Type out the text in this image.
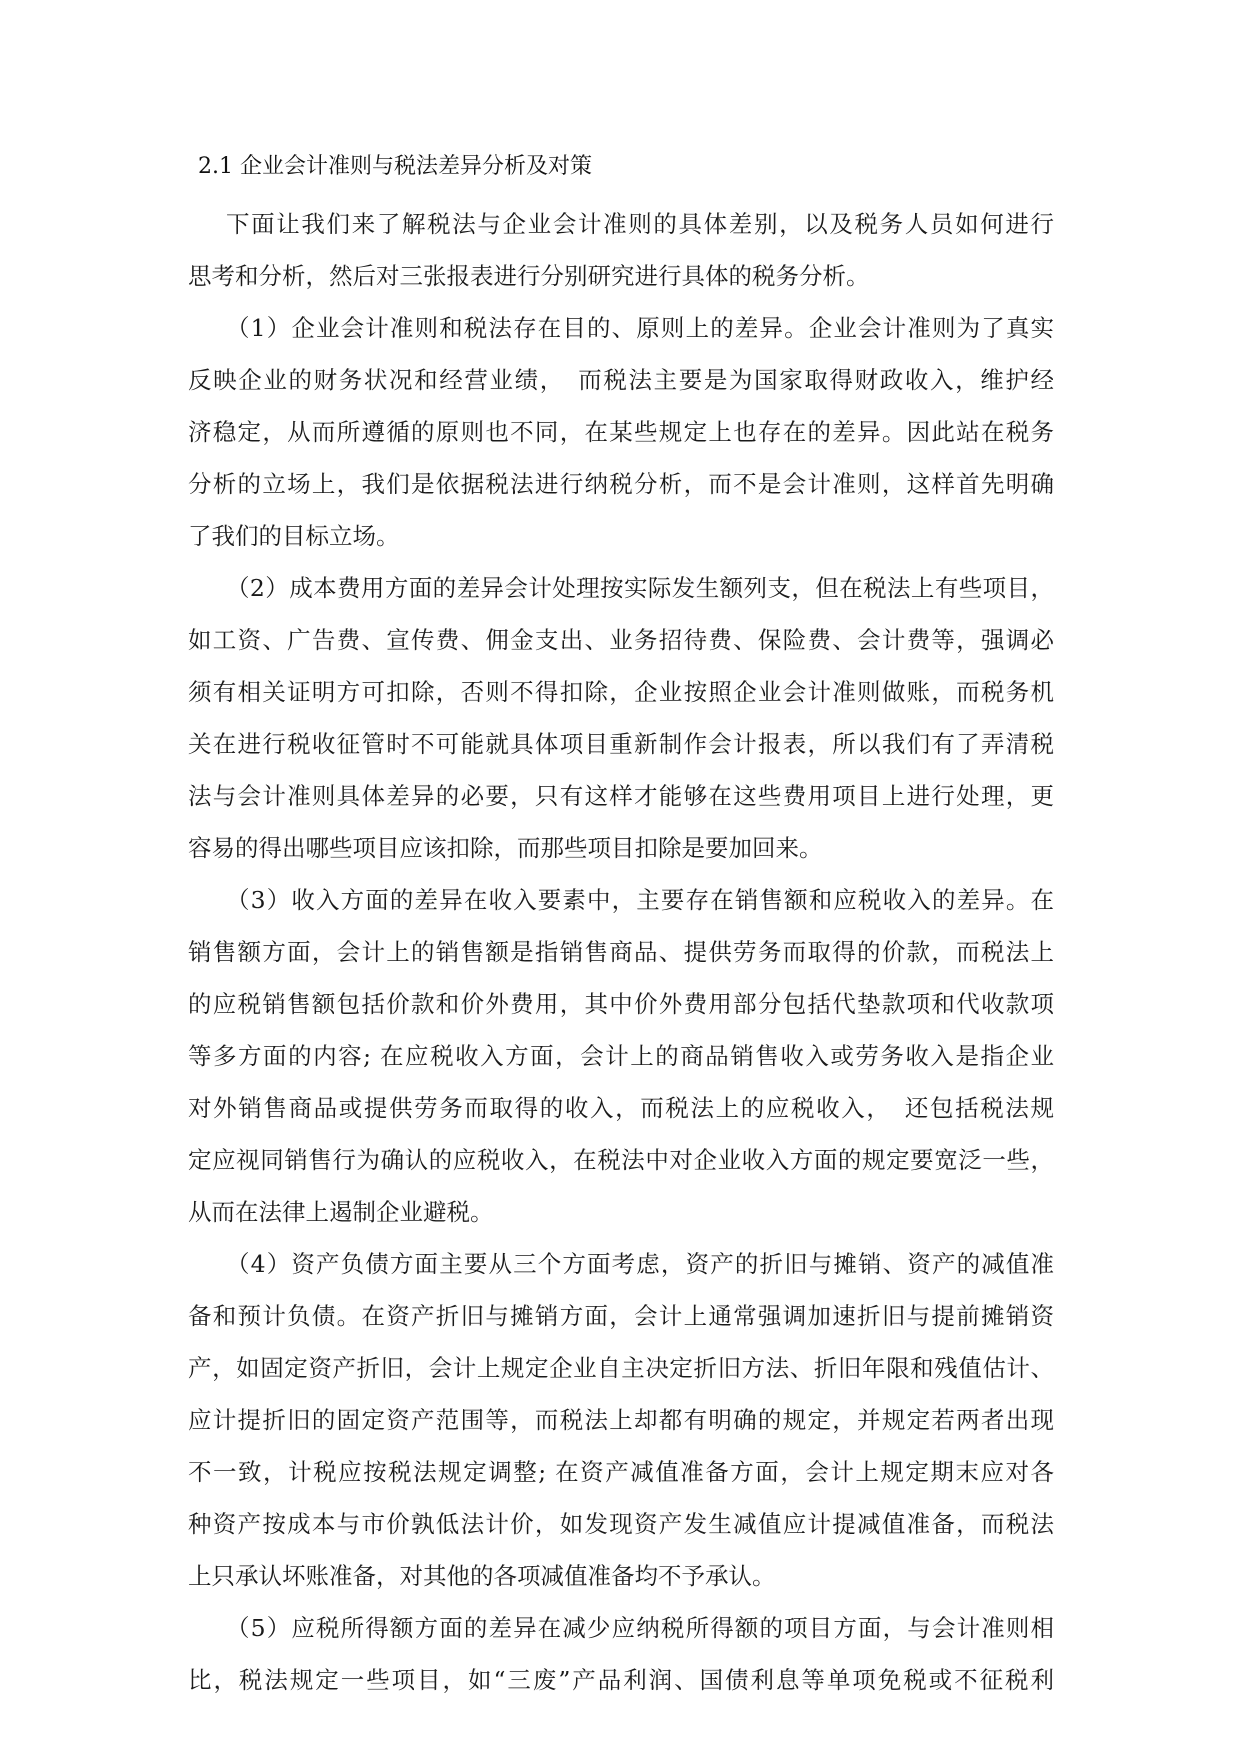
2.1 企业会计准则与税法差异分析及对策
下面让我们来了解税法与企业会计准则的具体差别，以及税务人员如何进行
思考和分析，然后对三张报表进行分别研究进行具体的税务分析。
（1）企业会计准则和税法存在目的、原则上的差异。企业会计准则为了真实
反映企业的财务状况和经营业绩，　而税法主要是为国家取得财政收入，维护经
济稳定，从而所遵循的原则也不同，在某些规定上也存在的差异。因此站在税务
分析的立场上，我们是依据税法进行纳税分析，而不是会计准则，这样首先明确
了我们的目标立场。
（2）成本费用方面的差异会计处理按实际发生额列支，但在税法上有些项目，
如工资、广告费、宣传费、佣金支出、业务招待费、保险费、会计费等，强调必
须有相关证明方可扣除，否则不得扣除，企业按照企业会计准则做账，而税务机
关在进行税收征管时不可能就具体项目重新制作会计报表，所以我们有了弄清税
法与会计准则具体差异的必要，只有这样才能够在这些费用项目上进行处理，更
容易的得出哪些项目应该扣除，而那些项目扣除是要加回来。
（3）收入方面的差异在收入要素中，主要存在销售额和应税收入的差异。在
销售额方面，会计上的销售额是指销售商品、提供劳务而取得的价款，而税法上
的应税销售额包括价款和价外费用，其中价外费用部分包括代垫款项和代收款项
等多方面的内容; 在应税收入方面，会计上的商品销售收入或劳务收入是指企业
对外销售商品或提供劳务而取得的收入，而税法上的应税收入，　还包括税法规
定应视同销售行为确认的应税收入，在税法中对企业收入方面的规定要宽泛一些，
从而在法律上遏制企业避税。
（4）资产负债方面主要从三个方面考虑，资产的折旧与摊销、资产的减值准
备和预计负债。在资产折旧与摊销方面，会计上通常强调加速折旧与提前摊销资
产，如固定资产折旧，会计上规定企业自主决定折旧方法、折旧年限和残值估计、
应计提折旧的固定资产范围等，而税法上却都有明确的规定，并规定若两者出现
不一致，计税应按税法规定调整; 在资产减值准备方面，会计上规定期末应对各
种资产按成本与市价孰低法计价，如发现资产发生减值应计提减值准备，而税法
上只承认坏账准备，对其他的各项减值准备均不予承认。
（5）应税所得额方面的差异在减少应纳税所得额的项目方面，与会计准则相
比，税法规定一些项目，如“三废”产品利润、国债利息等单项免税或不征税利
